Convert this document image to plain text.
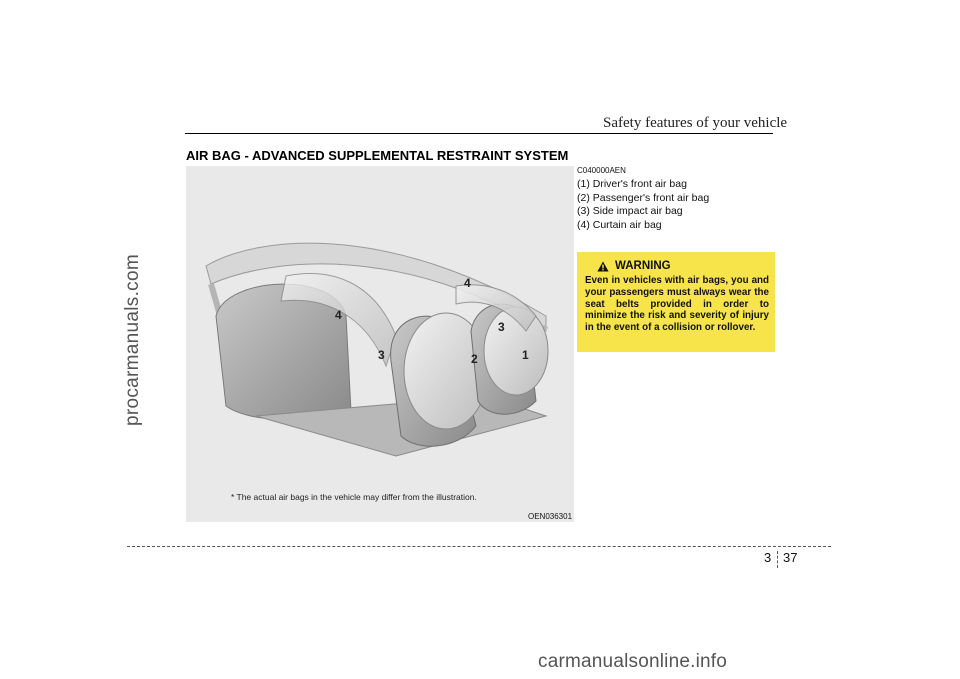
procarmanuals.com
Safety features of your vehicle
AIR BAG - ADVANCED SUPPLEMENTAL RESTRAINT SYSTEM
4
4
3
3
2	1
* The actual air bags in the vehicle may differ from the illustration.
OEN036301
C040000AEN
(1) Driver's front air bag
(2) Passenger's front air bag
(3) Side impact air bag
(4) Curtain air bag
WARNING
Even in vehicles with air bags, you and your passengers must always wear the seat belts provided in order to minimize the risk and severity of injury in the event of a collision or rollover.
3 37
carmanualsonline.info
